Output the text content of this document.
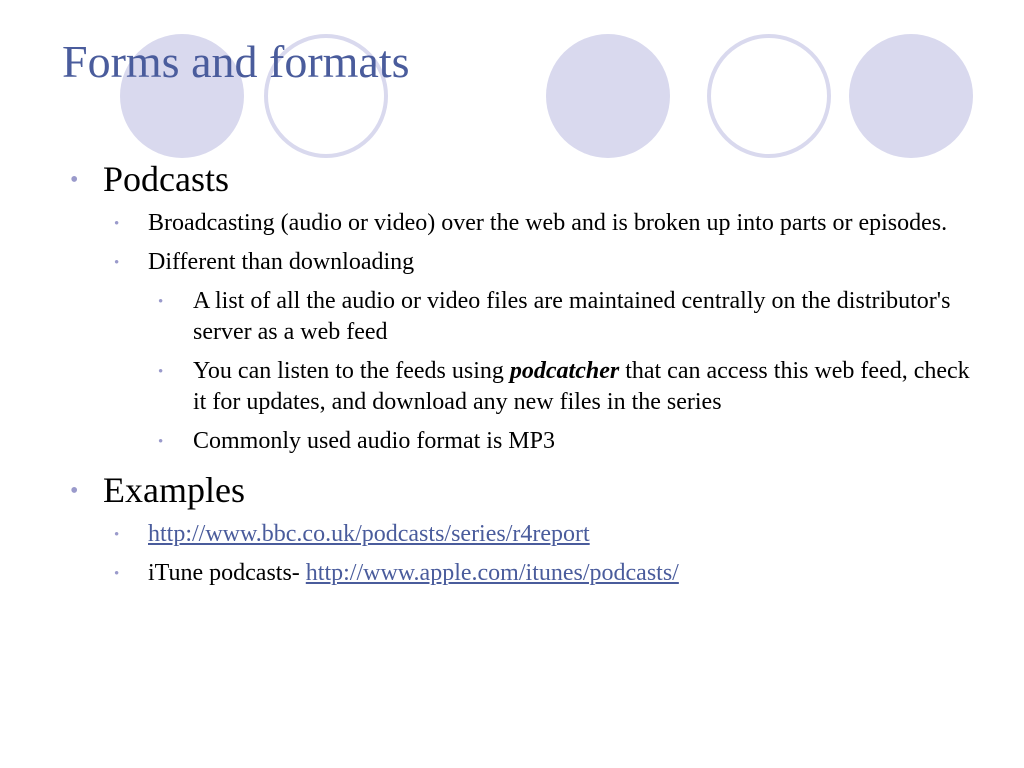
Forms and formats
• Podcasts
• Broadcasting (audio or video) over the web and is broken up into parts or episodes.
• Different than downloading
• A list of all the audio or video files are maintained centrally on the distributor's server as a web feed
• You can listen to the feeds using podcatcher that can access this web feed, check it for updates, and download any new files in the series
• Commonly used audio format is MP3
• Examples
• http://www.bbc.co.uk/podcasts/series/r4report
• iTune podcasts- http://www.apple.com/itunes/podcasts/
